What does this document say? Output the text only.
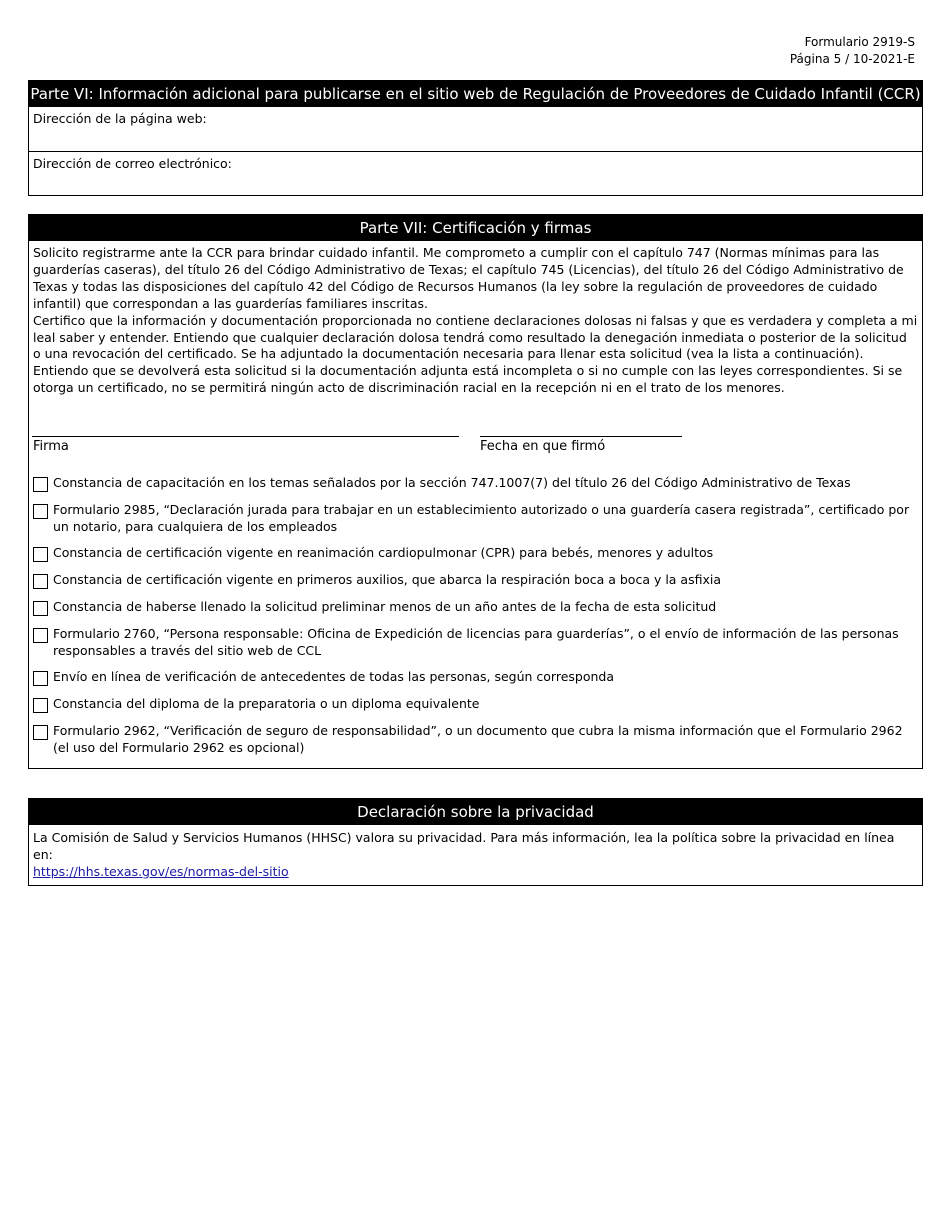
Formulario 2919-S
Página 5 / 10-2021-E
Parte VI: Información adicional para publicarse en el sitio web de Regulación de Proveedores de Cuidado Infantil (CCR)
Dirección de la página web:
Dirección de correo electrónico:
Parte VII: Certificación y firmas

Solicito registrarme ante la CCR para brindar cuidado infantil. Me comprometo a cumplir con el capítulo 747 (Normas mínimas para las guarderías caseras), del título 26 del Código Administrativo de Texas; el capítulo 745 (Licencias), del título 26 del Código Administrativo de Texas y todas las disposiciones del capítulo 42 del Código de Recursos Humanos (la ley sobre la regulación de proveedores de cuidado infantil) que correspondan a las guarderías familiares inscritas.

Certifico que la información y documentación proporcionada no contiene declaraciones dolosas ni falsas y que es verdadera y completa a mi leal saber y entender. Entiendo que cualquier declaración dolosa tendrá como resultado la denegación inmediata o posterior de la solicitud o una revocación del certificado. Se ha adjuntado la documentación necesaria para llenar esta solicitud (vea la lista a continuación). Entiendo que se devolverá esta solicitud si la documentación adjunta está incompleta o si no cumple con las leyes correspondientes. Si se otorga un certificado, no se permitirá ningún acto de discriminación racial en la recepción ni en el trato de los menores.

Firma	Fecha en que firmó
Constancia de capacitación en los temas señalados por la sección 747.1007(7) del título 26 del Código Administrativo de Texas
Formulario 2985, “Declaración jurada para trabajar en un establecimiento autorizado o una guardería casera registrada”, certificado por un notario, para cualquiera de los empleados
Constancia de certificación vigente en reanimación cardiopulmonar (CPR) para bebés, menores y adultos
Constancia de certificación vigente en primeros auxilios, que abarca la respiración boca a boca y la asfixia
Constancia de haberse llenado la solicitud preliminar menos de un año antes de la fecha de esta solicitud
Formulario 2760, “Persona responsable: Oficina de Expedición de licencias para guarderías”, o el envío de información de las personas responsables a través del sitio web de CCL
Envío en línea de verificación de antecedentes de todas las personas, según corresponda
Constancia del diploma de la preparatoria o un diploma equivalente
Formulario 2962, “Verificación de seguro de responsabilidad”, o un documento que cubra la misma información que el Formulario 2962 (el uso del Formulario 2962 es opcional)
Declaración sobre la privacidad
La Comisión de Salud y Servicios Humanos (HHSC) valora su privacidad. Para más información, lea la política sobre la privacidad en línea en:
https://hhs.texas.gov/es/normas-del-sitio
